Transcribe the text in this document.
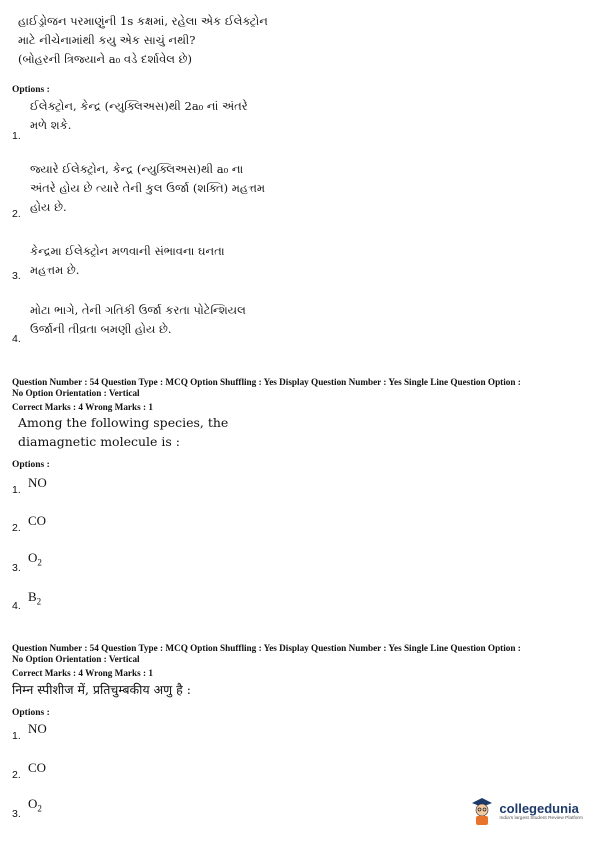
હાઈડ્રોજન પરમાણુંની 1s કક્ષમાં, રહેલા એક ઈલેક્ટ્રોન
માટે નીચેનામાંથી કયુ એક સાચું નથી?
(બોહરની ત્રિજ્યાને a₀ વડે દર્શાવેલ છે)
Options :
ઈલેક્ટ્રોન, કેન્દ્ર (ન્યુક્લિઅસ)થી 2a₀ નાં અંતરે
મળે શકે.
1.
જ્યારે ઈલેક્ટ્રોન, કેન્દ્ર (ન્યુક્લિઅસ)થી a₀ ના
અંતરે હોય છે ત્યારે તેની કુલ ઉર્જા (શક્તિ) મહત્તમ
હોય છે.
2.
કેન્દ્રમા ઈલેક્ટ્રોન મળવાની સંભાવના ઘનતા
મહત્તમ છે.
3.
મોટા ભાગે, તેની ગતિકી ઉર્જા કરતા પોટેન્શિયલ
ઉર્જાની તીવ્રતા બમણી હોય છે.
4.
Question Number : 54 Question Type : MCQ Option Shuffling : Yes Display Question Number : Yes Single Line Question Option :
No Option Orientation : Vertical
Correct Marks : 4 Wrong Marks : 1
Among the following species, the
diamagnetic molecule is :
Options :
1. NO
2. CO
3.
$O_2$
4.
$B_2$
Question Number : 54 Question Type : MCQ Option Shuffling : Yes Display Question Number : Yes Single Line Question Option :
No Option Orientation : Vertical
Correct Marks : 4 Wrong Marks : 1
निम्न स्पीशीज में, प्रतिचुम्बकीय अणु है :
Options :
1. NO
2. CO
3.
$O_2$	collegedunia
India's largest Student Review Platform
